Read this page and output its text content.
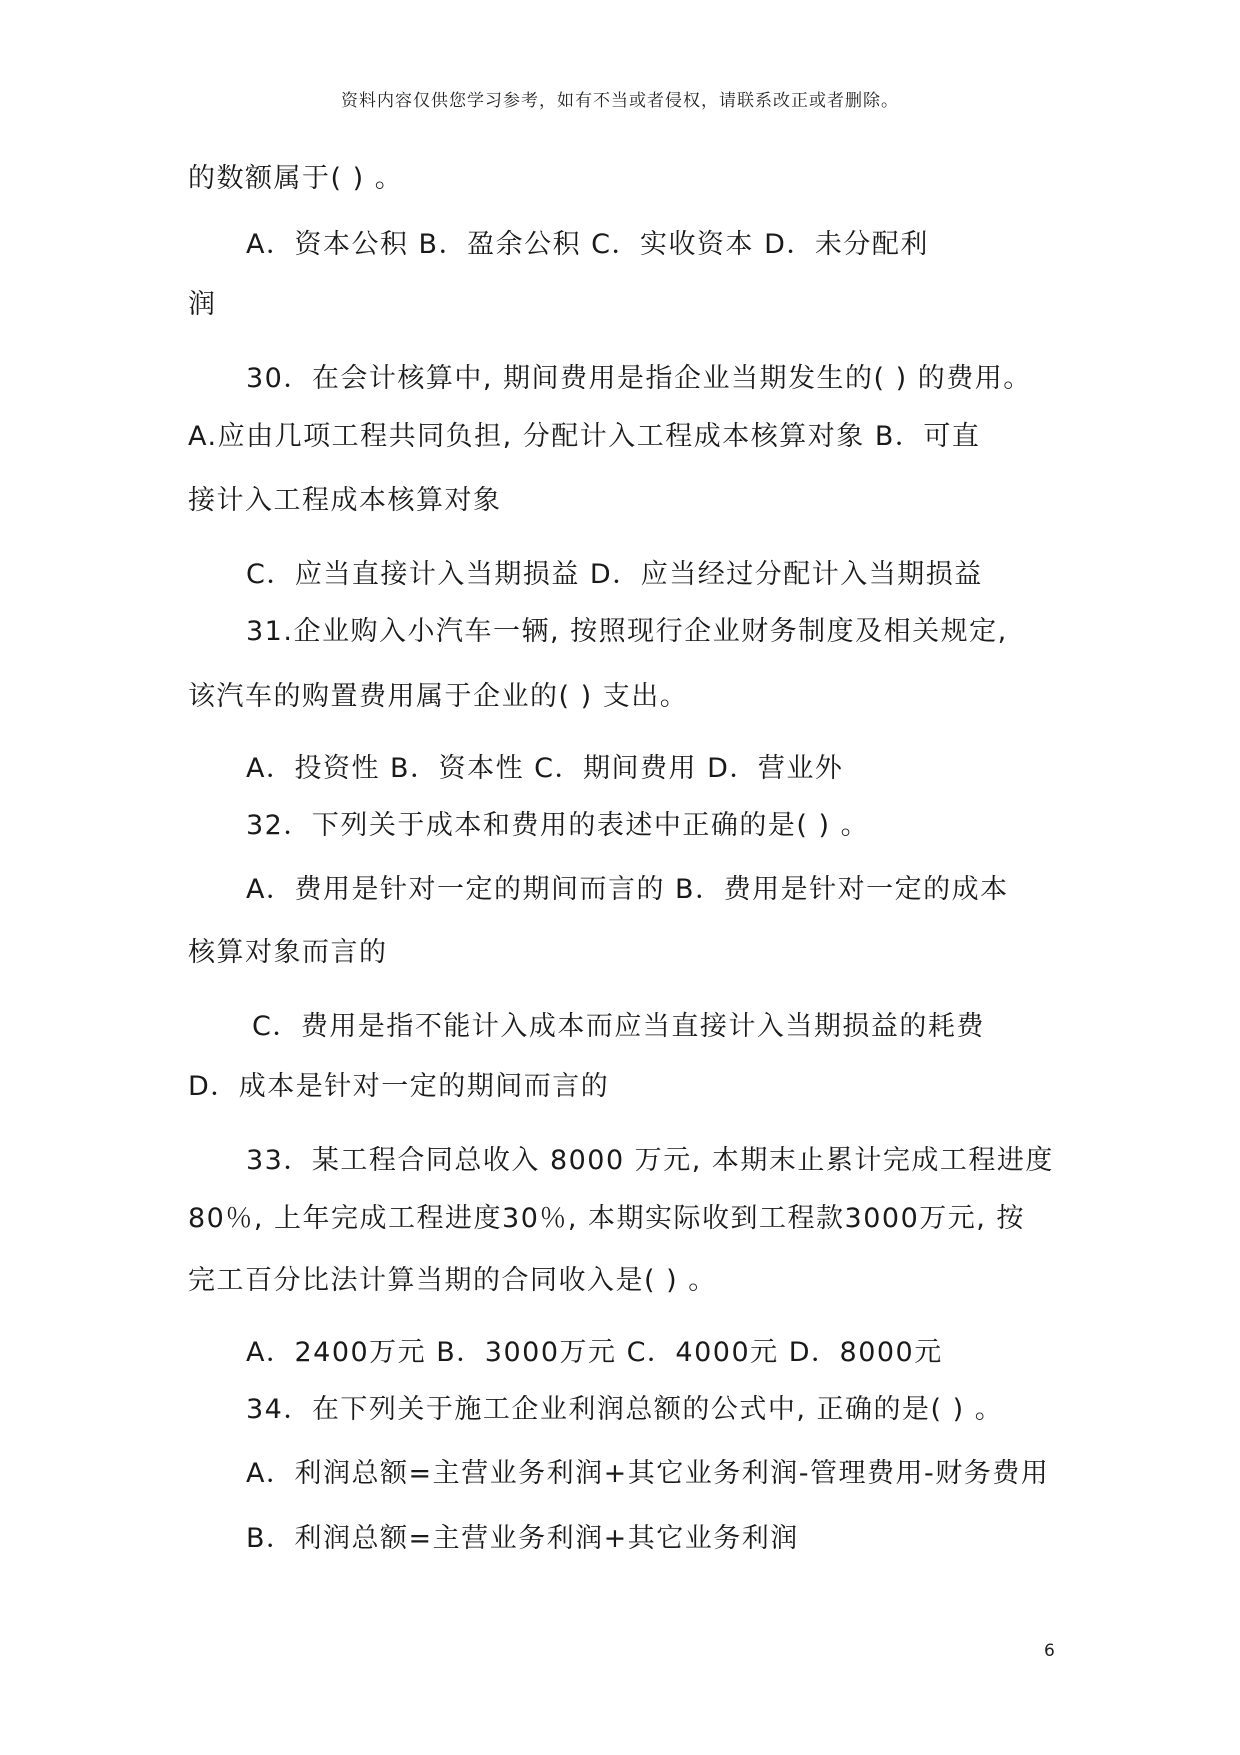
资料内容仅供您学习参考，如有不当或者侵权，请联系改正或者删除。
的数额属于( ) 。
A．资本公积 B．盈余公积 C．实收资本 D．未分配利
润
30．在会计核算中, 期间费用是指企业当期发生的( ) 的费用。
A.应由几项工程共同负担, 分配计入工程成本核算对象 B．可直
接计入工程成本核算对象
C．应当直接计入当期损益 D．应当经过分配计入当期损益
31.企业购入小汽车一辆, 按照现行企业财务制度及相关规定,
该汽车的购置费用属于企业的( ) 支出。
A．投资性 B．资本性 C．期间费用 D．营业外
32．下列关于成本和费用的表述中正确的是( ) 。
A．费用是针对一定的期间而言的 B．费用是针对一定的成本
核算对象而言的
C．费用是指不能计入成本而应当直接计入当期损益的耗费
D．成本是针对一定的期间而言的
33．某工程合同总收入 8000 万元, 本期末止累计完成工程进度
80％, 上年完成工程进度30％, 本期实际收到工程款3000万元, 按
完工百分比法计算当期的合同收入是( ) 。
A．2400万元 B．3000万元 C．4000元 D．8000元
34．在下列关于施工企业利润总额的公式中, 正确的是( ) 。
A．利润总额=主营业务利润+其它业务利润-管理费用-财务费用
B．利润总额=主营业务利润+其它业务利润
6
